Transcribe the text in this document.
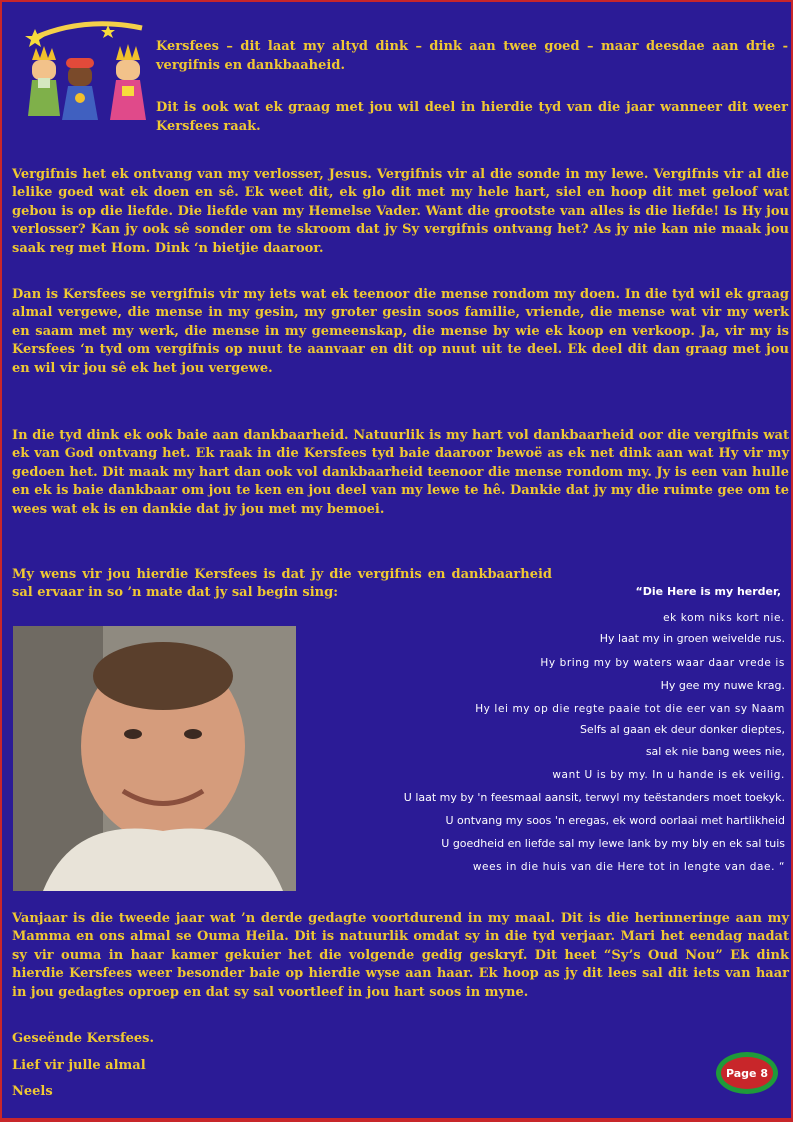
Kersfees – dit laat my altyd dink – dink aan twee goed – maar deesdae aan drie - vergifnis en dankbaaheid.

Dit is ook wat ek graag met jou wil deel in hierdie tyd van die jaar wanneer dit weer Kersfees raak.

Vergifnis het ek ontvang van my verlosser, Jesus. Vergifnis vir al die sonde in my lewe. Vergifnis vir al die lelike goed wat ek doen en sê. Ek weet dit, ek glo dit met my hele hart, siel en hoop dit met geloof wat gebou is op die liefde. Die liefde van my Hemelse Vader. Want die grootste van alles is die liefde! Is Hy jou verlosser? Kan jy ook sê sonder om te skroom dat jy Sy vergifnis ontvang het? As jy nie kan nie maak jou saak reg met Hom. Dink ‘n bietjie daaroor.

Dan is Kersfees se vergifnis vir my iets wat ek teenoor die mense rondom my doen. In die tyd wil ek graag almal vergewe, die mense in my gesin, my groter gesin soos familie, vriende, die mense wat vir my werk en saam met my werk, die mense in my gemeenskap, die mense by wie ek koop en verkoop. Ja, vir my is Kersfees ‘n tyd om vergifnis op nuut te aanvaar en dit op nuut uit te deel. Ek deel dit dan graag met jou en wil vir jou sê ek het jou vergewe.

In die tyd dink ek ook baie aan dankbaarheid. Natuurlik is my hart vol dankbaarheid oor die vergifnis wat ek van God ontvang het. Ek raak in die Kersfees tyd baie daaroor bewoë as ek net dink aan wat Hy vir my gedoen het. Dit maak my hart dan ook vol dankbaarheid teenoor die mense rondom my. Jy is een van hulle en ek is baie dankbaar om jou te ken en jou deel van my lewe te hê. Dankie dat jy my die ruimte gee om te wees wat ek is en dankie dat jy jou met my bemoei.

My wens vir jou hierdie Kersfees is dat jy die vergifnis en dankbaarheid sal ervaar in so ’n mate dat jy sal begin sing:	“Die Here is my herder,

ek kom niks kort nie.

Hy laat my in groen weivelde rus.

Hy bring my by waters waar daar vrede is

Hy gee my nuwe krag.

Hy lei my op die regte paaie tot die eer van sy Naam

Selfs al gaan ek deur donker dieptes,

sal ek nie bang wees nie,

want U is by my. In u hande is ek veilig.

U laat my by 'n feesmaal aansit, terwyl my teëstanders moet toekyk.

U ontvang my soos 'n eregas, ek word oorlaai met hartlikheid

U goedheid en liefde sal my lewe lank by my bly en ek sal tuis

wees in die huis van die Here tot in lengte van dae. “

Vanjaar is die tweede jaar wat ’n derde gedagte voortdurend in my maal. Dit is die herinneringe aan my Mamma en ons almal se Ouma Heila. Dit is natuurlik omdat sy in die tyd verjaar. Mari het eendag nadat sy vir ouma in haar kamer gekuier het die volgende gedig geskryf. Dit heet “Sy’s Oud Nou” Ek dink hierdie Kersfees weer besonder baie op hierdie wyse aan haar. Ek hoop as jy dit lees sal dit iets van haar in jou gedagtes oproep en dat sy sal voortleef in jou hart soos in myne.

Geseënde Kersfees.

Lief vir julle almal

Neels

Page 8
